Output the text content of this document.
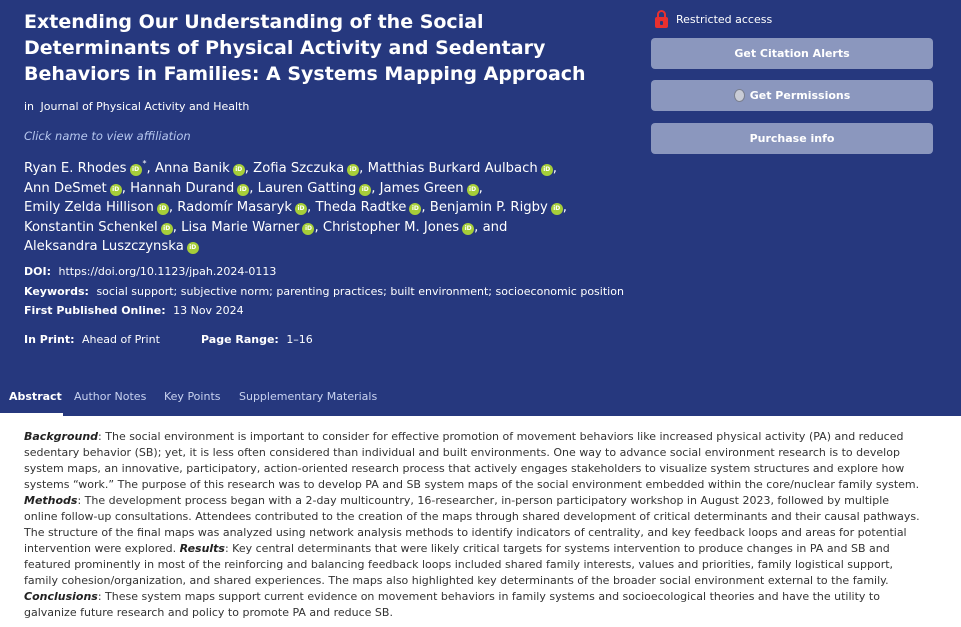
Extending Our Understanding of the Social Determinants of Physical Activity and Sedentary Behaviors in Families: A Systems Mapping Approach
in Journal of Physical Activity and Health
Click name to view affiliation
Ryan E. Rhodes iD*, Anna Banik iD , Zofia Szczuka iD , Matthias Burkard Aulbach iD ,
Ann DeSmet iD , Hannah Durand iD , Lauren Gatting iD , James Green iD ,
Emily Zelda Hillison iD , Radomír Masaryk iD , Theda Radtke iD , Benjamin P. Rigby iD ,
Konstantin Schenkel iD , Lisa Marie Warner iD , Christopher M. Jones iD , and
Aleksandra Luszczynska iD
DOI: https://doi.org/10.1123/jpah.2024-0113
Keywords: social support; subjective norm; parenting practices; built environment; socioeconomic position
First Published Online: 13 Nov 2024
In Print: Ahead of Print	Page Range: 1–16
Restricted access
Get Citation Alerts
Get Permissions
Purchase info
Abstract Author Notes Key Points Supplementary Materials
Background: The social environment is important to consider for effective promotion of movement behaviors like increased physical activity (PA) and reduced sedentary behavior (SB); yet, it is less often considered than individual and built environments. One way to advance social environment research is to develop system maps, an innovative, participatory, action-oriented research process that actively engages stakeholders to visualize system structures and explore how systems “work.” The purpose of this research was to develop PA and SB system maps of the social environment embedded within the core/nuclear family system. Methods: The development process began with a 2-day multicountry, 16-researcher, in-person participatory workshop in August 2023, followed by multiple online follow-up consultations. Attendees contributed to the creation of the maps through shared development of critical determinants and their causal pathways. The structure of the final maps was analyzed using network analysis methods to identify indicators of centrality, and key feedback loops and areas for potential intervention were explored. Results: Key central determinants that were likely critical targets for systems intervention to produce changes in PA and SB and featured prominently in most of the reinforcing and balancing feedback loops included shared family interests, values and priorities, family logistical support, family cohesion/organization, and shared experiences. The maps also highlighted key determinants of the broader social environment external to the family. Conclusions: These system maps support current evidence on movement behaviors in family systems and socioecological theories and have the utility to galvanize future research and policy to promote PA and reduce SB.
